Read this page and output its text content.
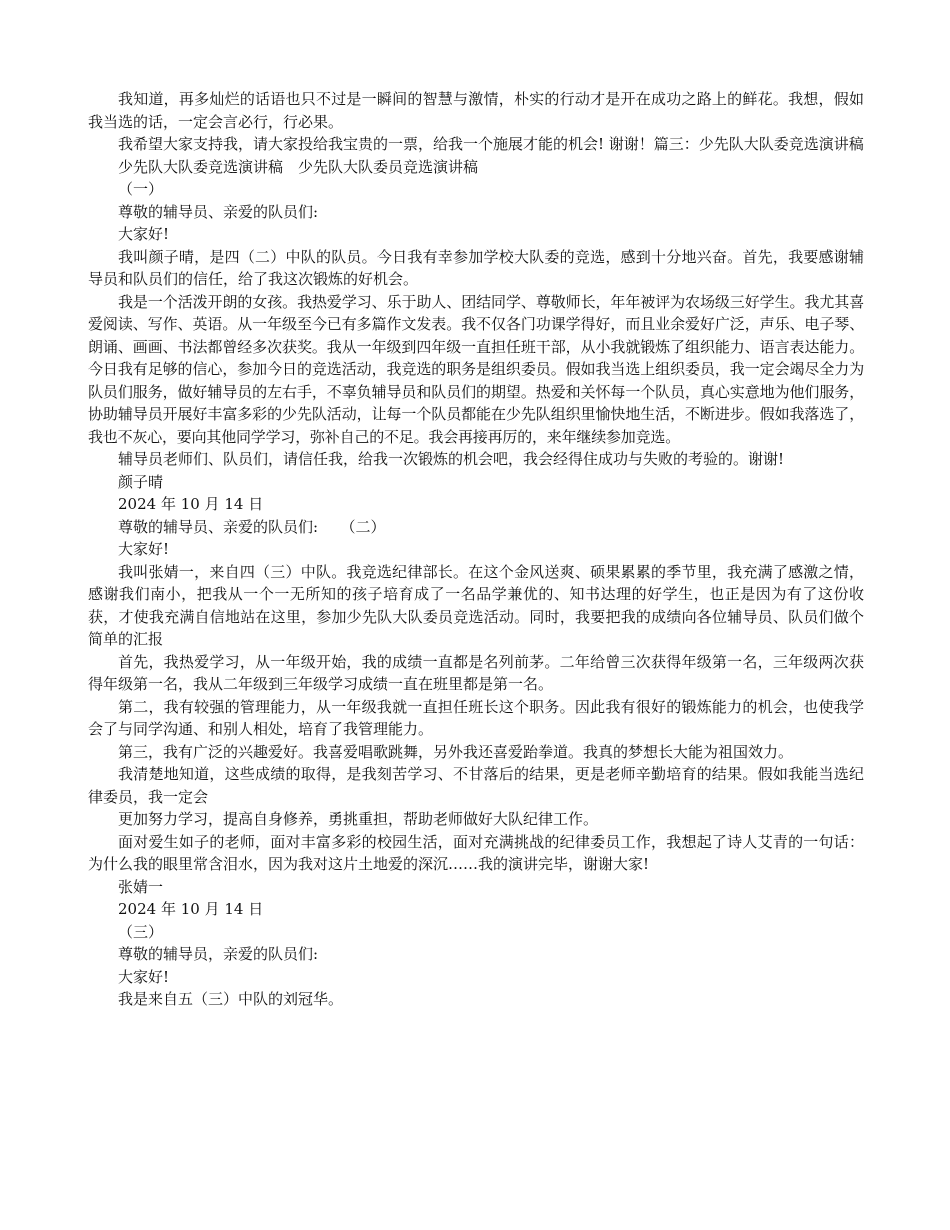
我知道，再多灿烂的话语也只不过是一瞬间的智慧与激情，朴实的行动才是开在成功之路上的鲜花。我想，假如我当选的话，一定会言必行，行必果。

我希望大家支持我，请大家投给我宝贵的一票，给我一个施展才能的机会! 谢谢！篇三：少先队大队委竞选演讲稿

少先队大队委竞选演讲稿　少先队大队委员竞选演讲稿

（一）

尊敬的辅导员、亲爱的队员们:

大家好!

我叫颜子晴，是四（二）中队的队员。今日我有幸参加学校大队委的竞选，感到十分地兴奋。首先，我要感谢辅导员和队员们的信任，给了我这次锻炼的好机会。

我是一个活泼开朗的女孩。我热爱学习、乐于助人、团结同学、尊敬师长，年年被评为农场级三好学生。我尤其喜爱阅读、写作、英语。从一年级至今已有多篇作文发表。我不仅各门功课学得好，而且业余爱好广泛，声乐、电子琴、朗诵、画画、书法都曾经多次获奖。我从一年级到四年级一直担任班干部，从小我就锻炼了组织能力、语言表达能力。今日我有足够的信心，参加今日的竞选活动，我竞选的职务是组织委员。假如我当选上组织委员，我一定会竭尽全力为队员们服务，做好辅导员的左右手，不辜负辅导员和队员们的期望。热爱和关怀每一个队员，真心实意地为他们服务，协助辅导员开展好丰富多彩的少先队活动，让每一个队员都能在少先队组织里愉快地生活，不断进步。假如我落选了，我也不灰心，要向其他同学学习，弥补自己的不足。我会再接再厉的，来年继续参加竞选。

辅导员老师们、队员们，请信任我，给我一次锻炼的机会吧，我会经得住成功与失败的考验的。谢谢!

颜子晴

2024 年 10 月 14 日

尊敬的辅导员、亲爱的队员们:　　（二）

大家好!

我叫张婧一，来自四（三）中队。我竞选纪律部长。在这个金风送爽、硕果累累的季节里，我充满了感激之情，感谢我们南小，把我从一个一无所知的孩子培育成了一名品学兼优的、知书达理的好学生，也正是因为有了这份收获，才使我充满自信地站在这里，参加少先队大队委员竞选活动。同时，我要把我的成绩向各位辅导员、队员们做个简单的汇报

首先，我热爱学习，从一年级开始，我的成绩一直都是名列前茅。二年给曾三次获得年级第一名，三年级两次获得年级第一名，我从二年级到三年级学习成绩一直在班里都是第一名。

第二，我有较强的管理能力，从一年级我就一直担任班长这个职务。因此我有很好的锻炼能力的机会，也使我学会了与同学沟通、和别人相处，培育了我管理能力。

第三，我有广泛的兴趣爱好。我喜爱唱歌跳舞，另外我还喜爱跆拳道。我真的梦想长大能为祖国效力。

我清楚地知道，这些成绩的取得，是我刻苦学习、不甘落后的结果，更是老师辛勤培育的结果。假如我能当选纪律委员，我一定会

更加努力学习，提高自身修养，勇挑重担，帮助老师做好大队纪律工作。

面对爱生如子的老师，面对丰富多彩的校园生活，面对充满挑战的纪律委员工作，我想起了诗人艾青的一句话：为什么我的眼里常含泪水，因为我对这片土地爱的深沉……我的演讲完毕，谢谢大家!

张婧一

2024 年 10 月 14 日

（三）

尊敬的辅导员，亲爱的队员们:

大家好!

我是来自五（三）中队的刘冠华。
